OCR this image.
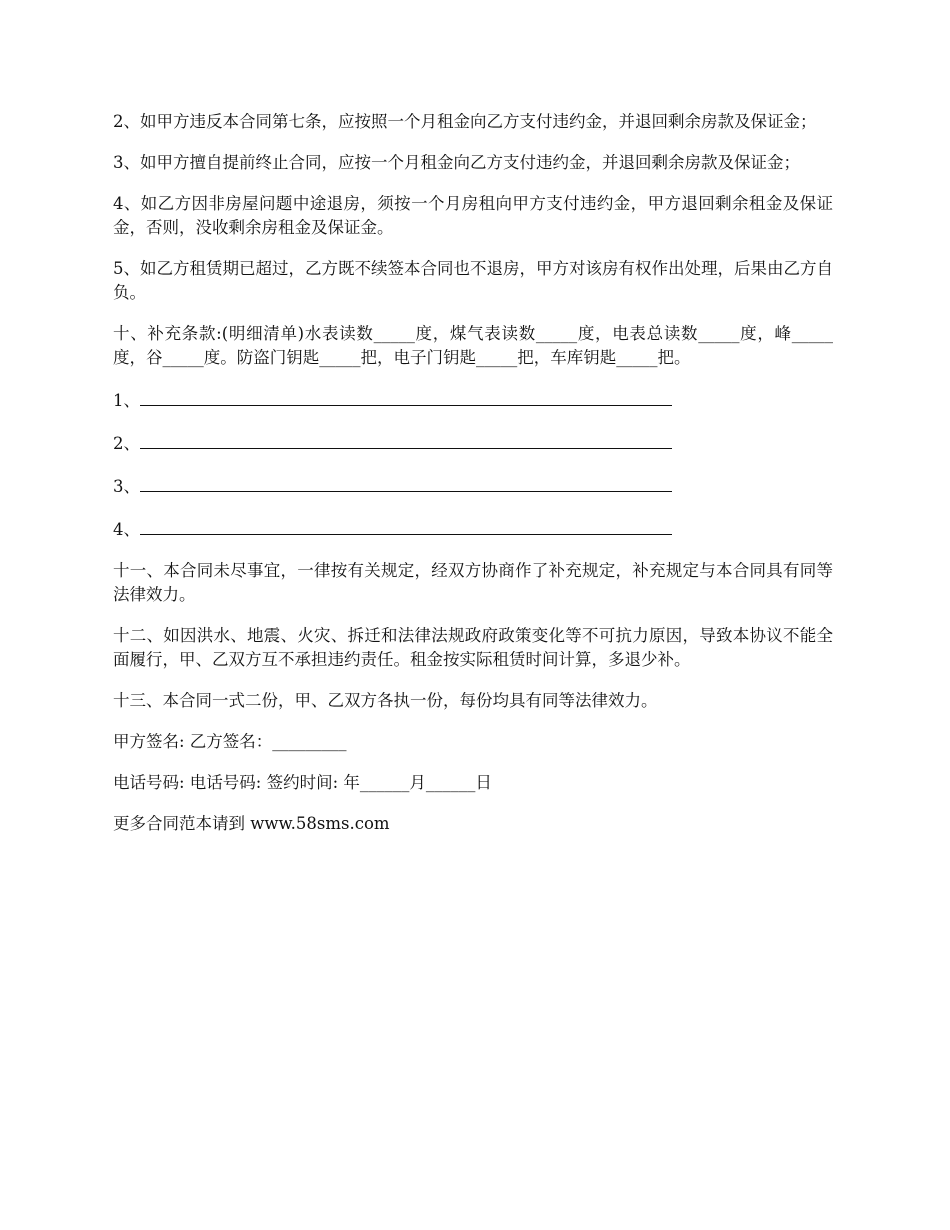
2、如甲方违反本合同第七条，应按照一个月租金向乙方支付违约金，并退回剩余房款及保证金；

3、如甲方擅自提前终止合同，应按一个月租金向乙方支付违约金，并退回剩余房款及保证金；

4、如乙方因非房屋问题中途退房，须按一个月房租向甲方支付违约金，甲方退回剩余租金及保证金，否则，没收剩余房租金及保证金。

5、如乙方租赁期已超过，乙方既不续签本合同也不退房，甲方对该房有权作出处理，后果由乙方自负。

十、补充条款:(明细清单)水表读数_____度，煤气表读数_____度，电表总读数_____度，峰_____度，谷_____度。防盗门钥匙_____把，电子门钥匙_____把，车库钥匙_____把。

1、
2、
3、
4、

十一、本合同未尽事宜，一律按有关规定，经双方协商作了补充规定，补充规定与本合同具有同等法律效力。

十二、如因洪水、地震、火灾、拆迁和法律法规政府政策变化等不可抗力原因，导致本协议不能全面履行，甲、乙双方互不承担违约责任。租金按实际租赁时间计算，多退少补。

十三、本合同一式二份，甲、乙双方各执一份，每份均具有同等法律效力。

甲方签名: 乙方签名：_________

电话号码: 电话号码: 签约时间: 年______月______日

更多合同范本请到 www.58sms.com
